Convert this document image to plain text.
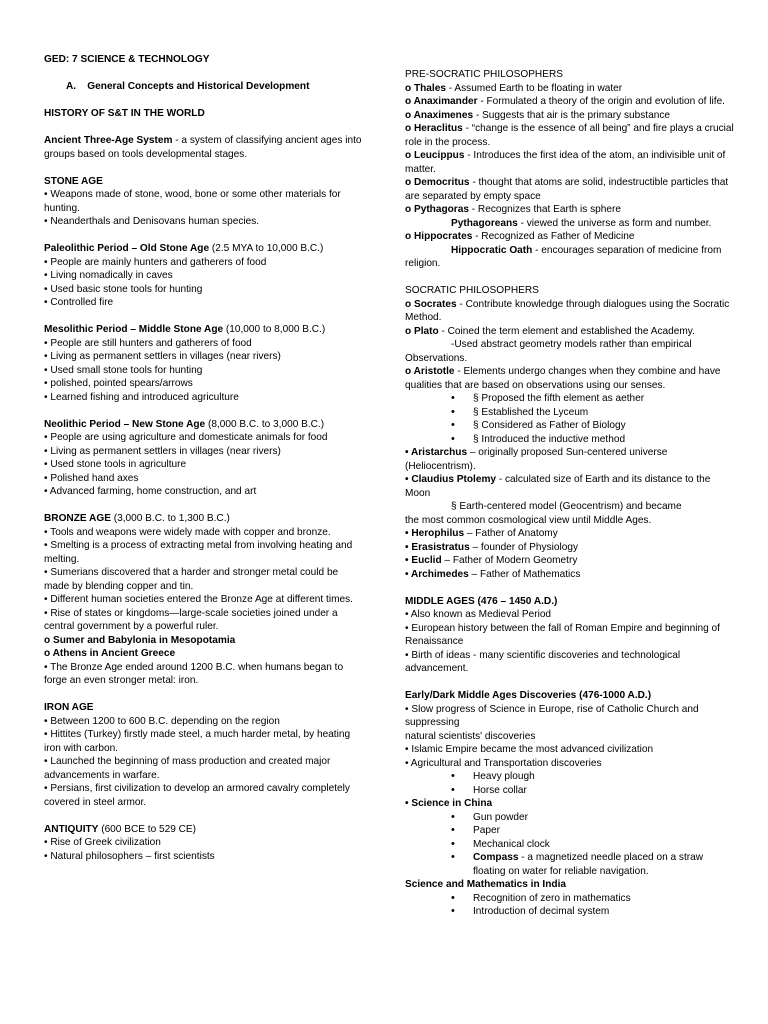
GED: 7 SCIENCE & TECHNOLOGY

A.    General Concepts and Historical Development

HISTORY OF S&T IN THE WORLD

Ancient Three-Age System - a system of classifying ancient ages into groups based on tools developmental stages.

STONE AGE

• Weapons made of stone, wood, bone or some other materials for hunting.

• Neanderthals and Denisovans human species.

Paleolithic Period – Old Stone Age (2.5 MYA to 10,000 B.C.)

• People are mainly hunters and gatherers of food

• Living nomadically in caves

• Used basic stone tools for hunting

• Controlled fire

Mesolithic Period – Middle Stone Age (10,000 to 8,000 B.C.)

• People are still hunters and gatherers of food

• Living as permanent settlers in villages (near rivers)

• Used small stone tools for hunting

• polished, pointed spears/arrows

• Learned fishing and introduced agriculture

Neolithic Period – New Stone Age (8,000 B.C. to 3,000 B.C.)

• People are using agriculture and domesticate animals for food

• Living as permanent settlers in villages (near rivers)

• Used stone tools in agriculture

• Polished hand axes

• Advanced farming, home construction, and art

BRONZE AGE (3,000 B.C. to 1,300 B.C.)

• Tools and weapons were widely made with copper and bronze.

• Smelting is a process of extracting metal from involving heating and melting.

• Sumerians discovered that a harder and stronger metal could be made by blending copper and tin.

• Different human societies entered the Bronze Age at different times.

• Rise of states or kingdoms—large-scale societies joined under a central government by a powerful ruler.

o Sumer and Babylonia in Mesopotamia

o Athens in Ancient Greece

• The Bronze Age ended around 1200 B.C. when humans began to forge an even stronger metal: iron.

IRON AGE

• Between 1200 to 600 B.C. depending on the region

• Hittites (Turkey) firstly made steel, a much harder metal, by heating iron with carbon.

• Launched the beginning of mass production and created major advancements in warfare.

• Persians, first civilization to develop an armored cavalry completely covered in steel armor.

ANTIQUITY (600 BCE to 529 CE)

• Rise of Greek civilization

• Natural philosophers – first scientists

PRE-SOCRATIC PHILOSOPHERS

o Thales - Assumed Earth to be floating in water

o Anaximander - Formulated a theory of the origin and evolution of life.

o Anaximenes - Suggests that air is the primary substance

o Heraclitus - “change is the essence of all being” and fire plays a crucial role in the process.

o Leucippus - Introduces the first idea of the atom, an indivisible unit of matter.

o Democritus - thought that atoms are solid, indestructible particles that are separated by empty space

o Pythagoras - Recognizes that Earth is sphere

Pythagoreans - viewed the universe as form and number.

o Hippocrates - Recognized as Father of Medicine

Hippocratic Oath - encourages separation of medicine from religion.

SOCRATIC PHILOSOPHERS

o Socrates - Contribute knowledge through dialogues using the Socratic Method.

o Plato - Coined the term element and established the Academy.

-Used abstract geometry models rather than empirical Observations.

o Aristotle - Elements undergo changes when they combine and have qualities that are based on observations using our senses.

• § Proposed the fifth element as aether

• § Established the Lyceum

• § Considered as Father of Biology

• § Introduced the inductive method

• Aristarchus – originally proposed Sun-centered universe (Heliocentrism).

• Claudius Ptolemy - calculated size of Earth and its distance to the Moon

§ Earth-centered model (Geocentrism) and became

the most common cosmological view until Middle Ages.

• Herophilus – Father of Anatomy

• Erasistratus – founder of Physiology

• Euclid – Father of Modern Geometry

• Archimedes – Father of Mathematics

MIDDLE AGES (476 – 1450 A.D.)

• Also known as Medieval Period

• European history between the fall of Roman Empire and beginning of Renaissance

• Birth of ideas - many scientific discoveries and technological advancement.

Early/Dark Middle Ages Discoveries (476-1000 A.D.)

• Slow progress of Science in Europe, rise of Catholic Church and suppressing

natural scientists' discoveries

• Islamic Empire became the most advanced civilization

• Agricultural and Transportation discoveries

• Heavy plough

• Horse collar

• Science in China

• Gun powder

• Paper

• Mechanical clock

• Compass - a magnetized needle placed on a straw floating on water for reliable navigation.

Science and Mathematics in India

• Recognition of zero in mathematics

• Introduction of decimal system
